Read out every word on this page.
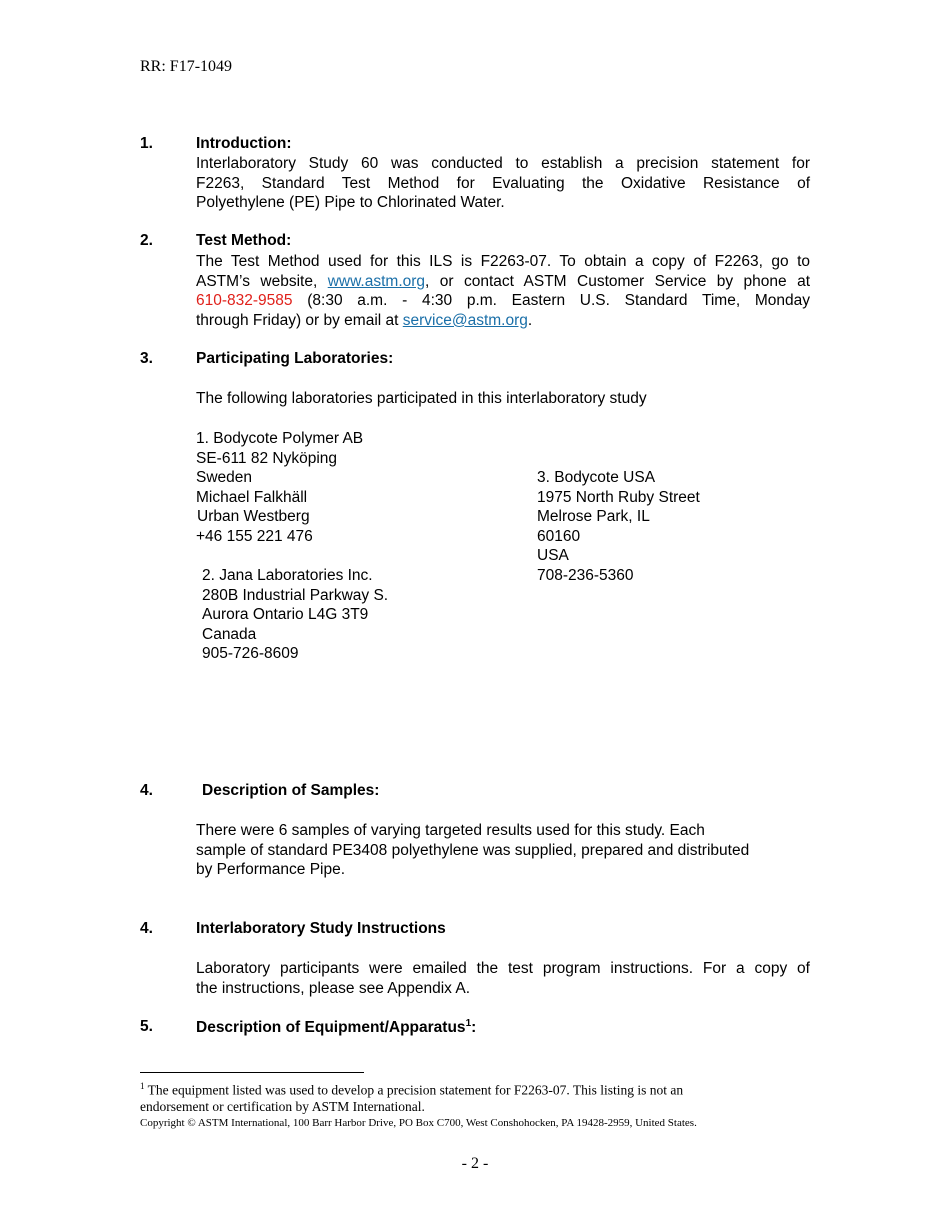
RR: F17-1049
1.	Introduction:
Interlaboratory Study 60 was conducted to establish a precision statement for
F2263, Standard Test Method for Evaluating the Oxidative Resistance of
Polyethylene (PE) Pipe to Chlorinated Water.
2.	Test Method:
The Test Method used for this ILS is F2263-07. To obtain a copy of F2263, go to
ASTM’s website, www.astm.org, or contact ASTM Customer Service by phone at
610-832-9585 (8:30 a.m. - 4:30 p.m. Eastern U.S. Standard Time, Monday
through Friday) or by email at service@astm.org.
3.	Participating Laboratories:
The following laboratories participated in this interlaboratory study
1. Bodycote Polymer AB
SE-611 82 Nyköping
Sweden
Michael Falkhäll
Urban Westberg
+46 155 221 476
2. Jana Laboratories Inc.
280B Industrial Parkway S.
Aurora Ontario L4G 3T9
Canada
905-726-8609
3. Bodycote USA
1975 North Ruby Street
Melrose Park, IL
60160
USA
708-236-5360
4.	Description of Samples:
There were 6 samples of varying targeted results used for this study. Each
sample of standard PE3408 polyethylene was supplied, prepared and distributed
by Performance Pipe.
4.	Interlaboratory Study Instructions
Laboratory participants were emailed the test program instructions. For a copy of
the instructions, please see Appendix A.
5.	Description of Equipment/Apparatus$^1$:
$^1$ The equipment listed was used to develop a precision statement for F2263-07. This listing is not an
endorsement or certification by ASTM International.
Copyright © ASTM International, 100 Barr Harbor Drive, PO Box C700, West Conshohocken, PA 19428-2959, United States.
- 2 -
